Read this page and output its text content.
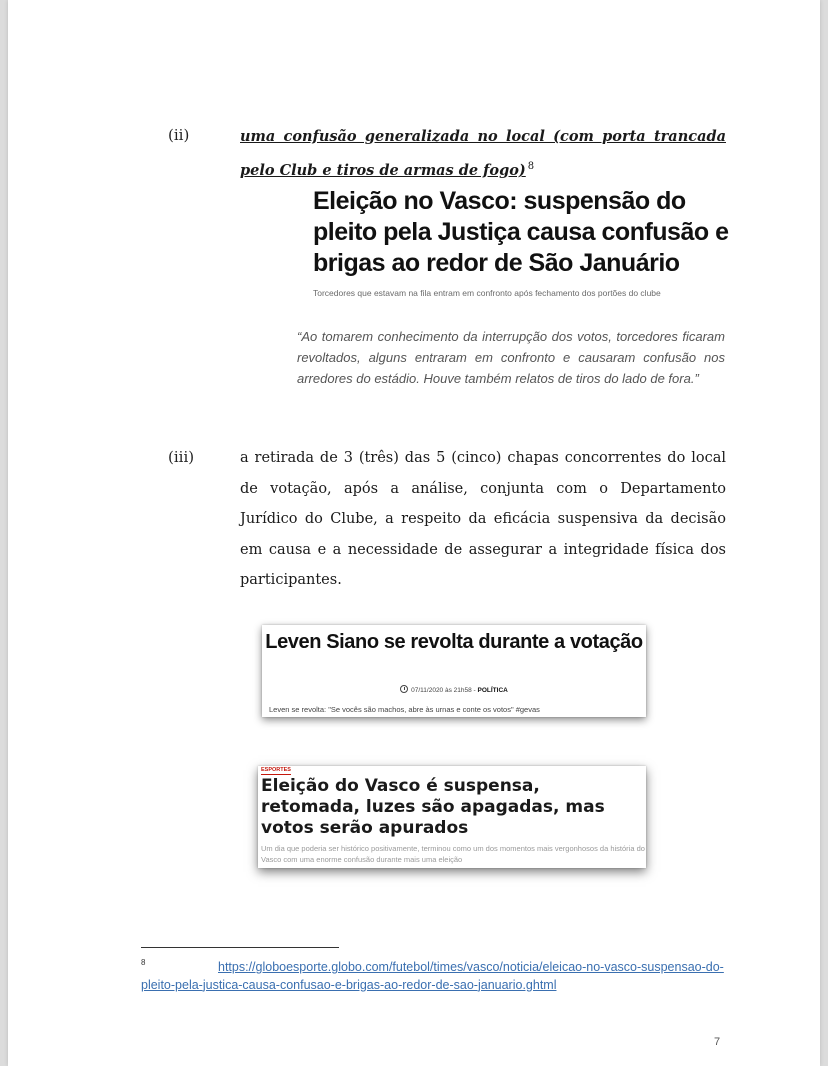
(ii)	uma confusão generalizada no local (com porta trancada pelo Club e tiros de armas de fogo) 8
Eleição no Vasco: suspensão do pleito pela Justiça causa confusão e brigas ao redor de São Januário
Torcedores que estavam na fila entram em confronto após fechamento dos portões do clube
“Ao tomarem conhecimento da interrupção dos votos, torcedores ficaram revoltados, alguns entraram em confronto e causaram confusão nos arredores do estádio. Houve também relatos de tiros do lado de fora.”
(iii)	a retirada de 3 (três) das 5 (cinco) chapas concorrentes do local de votação, após a análise, conjunta com o Departamento Jurídico do Clube, a respeito da eficácia suspensiva da decisão em causa e a necessidade de assegurar a integridade física dos participantes.
Leven Siano se revolta durante a votação
07/11/2020 às 21h58 - POLÍTICA
Leven se revolta: "Se vocês são machos, abre às urnas e conte os votos" #gevas
ESPORTES
Eleição do Vasco é suspensa, retomada, luzes são apagadas, mas votos serão apurados
Um dia que poderia ser histórico positivamente, terminou como um dos momentos mais vergonhosos da história do Vasco com uma enorme confusão durante mais uma eleição
8	https://globoesporte.globo.com/futebol/times/vasco/noticia/eleicao-no-vasco-suspensao-do-pleito-pela-justica-causa-confusao-e-brigas-ao-redor-de-sao-januario.ghtml
7
